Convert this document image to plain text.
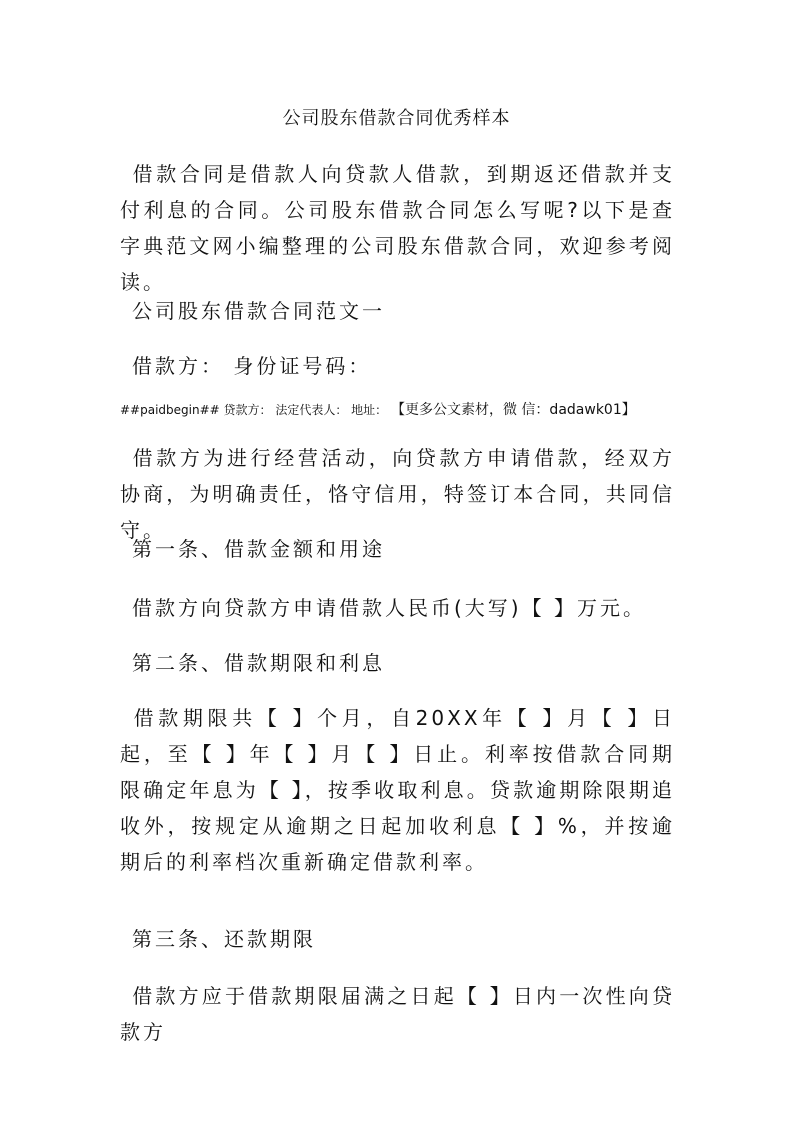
公司股东借款合同优秀样本

借款合同是借款人向贷款人借款，到期返还借款并支付利息的合同。公司股东借款合同怎么写呢?以下是查字典范文网小编整理的公司股东借款合同，欢迎参考阅读。

公司股东借款合同范文一

借款方： 身份证号码：

##paidbegin## 贷款方： 法定代表人： 地址： 【更多公文素材，微 信：dadawk01】

借款方为进行经营活动，向贷款方申请借款，经双方协商，为明确责任，恪守信用，特签订本合同，共同信守。

第一条、借款金额和用途

借款方向贷款方申请借款人民币(大写)【 】万元。

第二条、借款期限和利息

借款期限共【 】个月，自20XX年【 】月【 】日起，至【 】年【 】月【 】日止。利率按借款合同期限确定年息为【 】，按季收取利息。贷款逾期除限期追收外，按规定从逾期之日起加收利息【 】%，并按逾期后的利率档次重新确定借款利率。

第三条、还款期限

借款方应于借款期限届满之日起【 】日内一次性向贷款方
